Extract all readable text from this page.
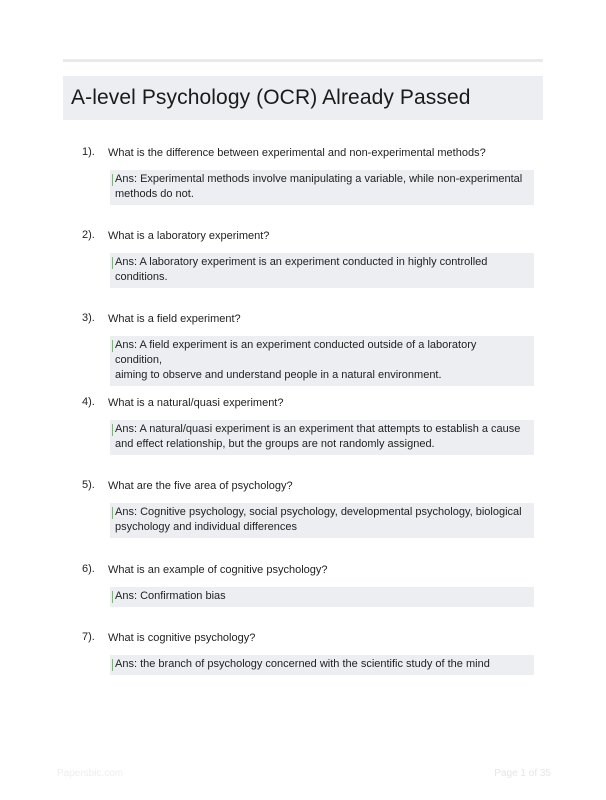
A-level Psychology (OCR) Already Passed
1). What is the difference between experimental and non-experimental methods?
Ans: Experimental methods involve manipulating a variable, while non-experimental
methods do not.
2). What is a laboratory experiment?
Ans: A laboratory experiment is an experiment conducted in highly controlled
conditions.
3). What is a field experiment?
Ans: A field experiment is an experiment conducted outside of a laboratory condition,
aiming to observe and understand people in a natural environment.
4). What is a natural/quasi experiment?
Ans: A natural/quasi experiment is an experiment that attempts to establish a cause
and effect relationship, but the groups are not randomly assigned.
5). What are the five area of psychology?
Ans: Cognitive psychology, social psychology, developmental psychology, biological
psychology and individual differences
6). What is an example of cognitive psychology?
Ans: Confirmation bias
7). What is cognitive psychology?
Ans: the branch of psychology concerned with the scientific study of the mind
Papersbic.com	Page 1 of 35
